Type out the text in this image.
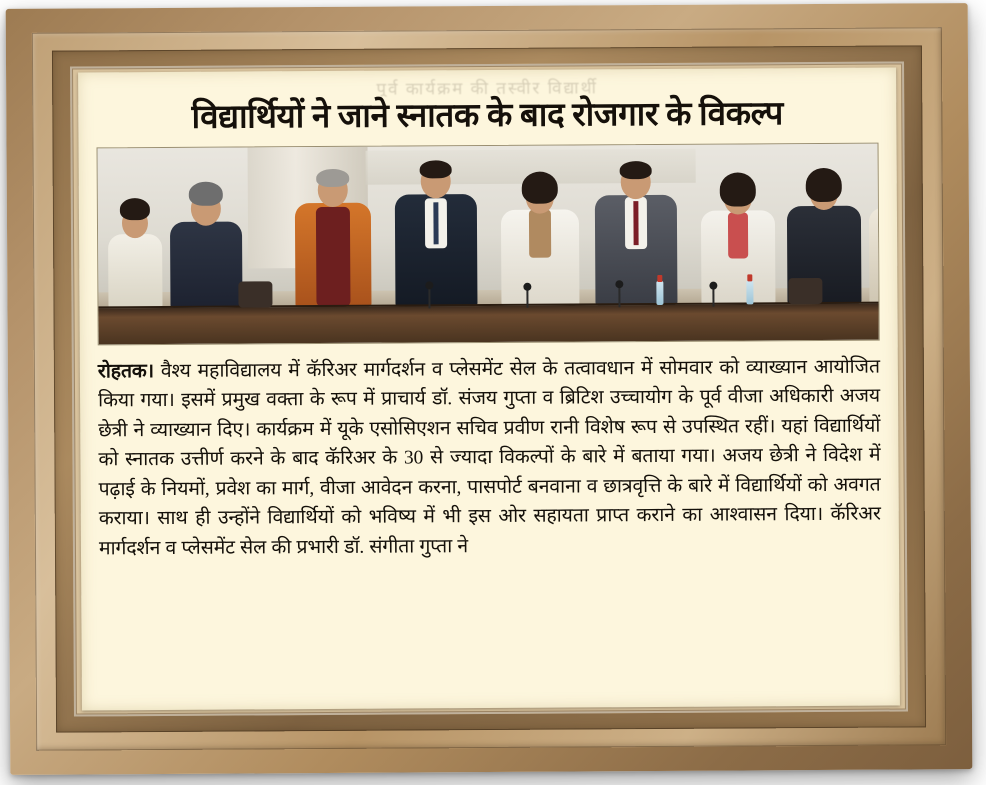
पूर्व कार्यक्रम की तस्वीर विद्यार्थी
विद्यार्थियों ने जाने स्नातक के बाद रोजगार के विकल्प
रोहतक। वैश्य महाविद्यालय में कॅरिअर मार्गदर्शन व प्लेसमेंट सेल के तत्वावधान में सोमवार को व्याख्यान आयोजित किया गया। इसमें प्रमुख वक्ता के रूप में प्राचार्य डॉ. संजय गुप्ता व ब्रिटिश उच्चायोग के पूर्व वीजा अधिकारी अजय छेत्री ने व्याख्यान दिए। कार्यक्रम में यूके एसोसिएशन सचिव प्रवीण रानी विशेष रूप से उपस्थित रहीं। यहां विद्यार्थियों को स्नातक उत्तीर्ण करने के बाद कॅरिअर के 30 से ज्यादा विकल्पों के बारे में बताया गया। अजय छेत्री ने विदेश में पढ़ाई के नियमों, प्रवेश का मार्ग, वीजा आवेदन करना, पासपोर्ट बनवाना व छात्रवृत्ति के बारे में विद्यार्थियों को अवगत कराया। साथ ही उन्होंने विद्यार्थियों को भविष्य में भी इस ओर सहायता प्राप्त कराने का आश्वासन दिया। कॅरिअर मार्गदर्शन व प्लेसमेंट सेल की प्रभारी डॉ. संगीता गुप्ता ने
